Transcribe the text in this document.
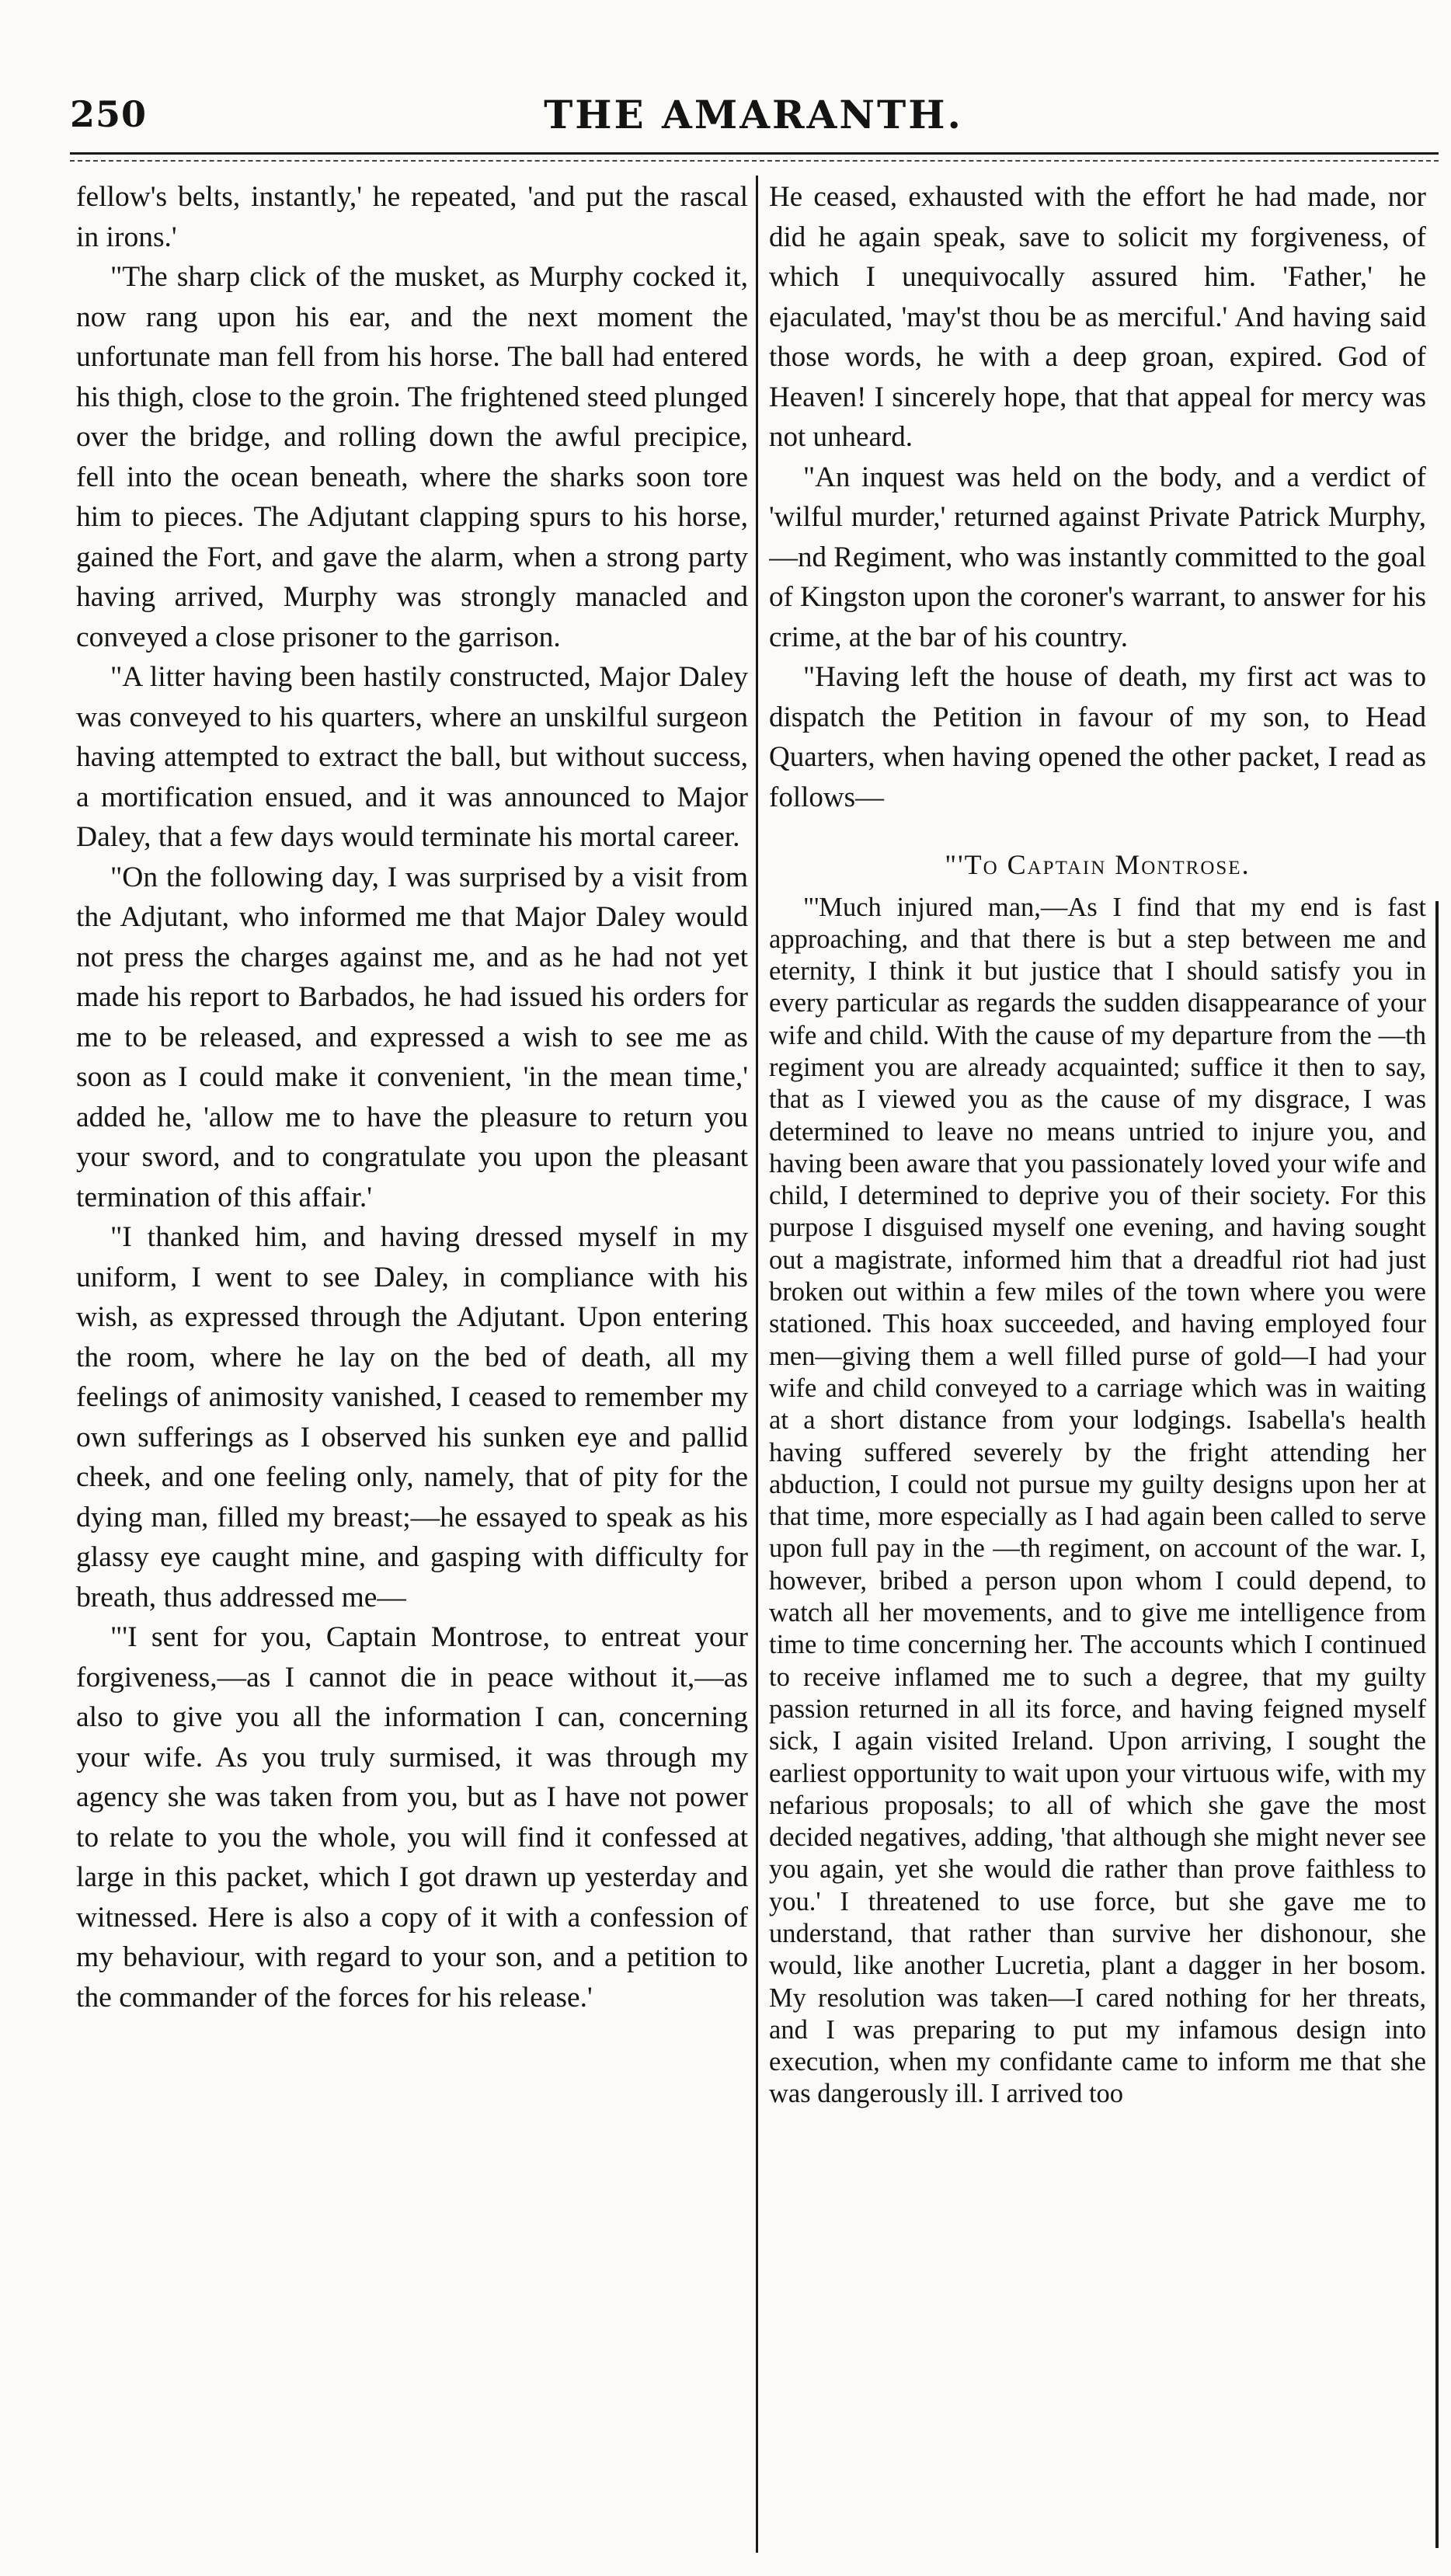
250	THE AMARANTH.

fellow's belts, instantly,' he repeated, 'and put the rascal in irons.'

"The sharp click of the musket, as Murphy cocked it, now rang upon his ear, and the next moment the unfortunate man fell from his horse. The ball had entered his thigh, close to the groin. The frightened steed plunged over the bridge, and rolling down the awful precipice, fell into the ocean beneath, where the sharks soon tore him to pieces. The Adjutant clapping spurs to his horse, gained the Fort, and gave the alarm, when a strong party having arrived, Murphy was strongly manacled and conveyed a close prisoner to the garrison.

"A litter having been hastily constructed, Major Daley was conveyed to his quarters, where an unskilful surgeon having attempted to extract the ball, but without success, a mortification ensued, and it was announced to Major Daley, that a few days would terminate his mortal career.

"On the following day, I was surprised by a visit from the Adjutant, who informed me that Major Daley would not press the charges against me, and as he had not yet made his report to Barbados, he had issued his orders for me to be released, and expressed a wish to see me as soon as I could make it convenient, 'in the mean time,' added he, 'allow me to have the pleasure to return you your sword, and to congratulate you upon the pleasant termination of this affair.'

"I thanked him, and having dressed myself in my uniform, I went to see Daley, in compliance with his wish, as expressed through the Adjutant. Upon entering the room, where he lay on the bed of death, all my feelings of animosity vanished, I ceased to remember my own sufferings as I observed his sunken eye and pallid cheek, and one feeling only, namely, that of pity for the dying man, filled my breast;—he essayed to speak as his glassy eye caught mine, and gasping with difficulty for breath, thus addressed me—

"'I sent for you, Captain Montrose, to entreat your forgiveness,—as I cannot die in peace without it,—as also to give you all the information I can, concerning your wife. As you truly surmised, it was through my agency she was taken from you, but as I have not power to relate to you the whole, you will find it confessed at large in this packet, which I got drawn up yesterday and witnessed. Here is also a copy of it with a confession of my behaviour, with regard to your son, and a petition to the commander of the forces for his release.'

He ceased, exhausted with the effort he had made, nor did he again speak, save to solicit my forgiveness, of which I unequivocally assured him. 'Father,' he ejaculated, 'may'st thou be as merciful.' And having said those words, he with a deep groan, expired. God of Heaven! I sincerely hope, that that appeal for mercy was not unheard.

"An inquest was held on the body, and a verdict of 'wilful murder,' returned against Private Patrick Murphy, —nd Regiment, who was instantly committed to the goal of Kingston upon the coroner's warrant, to answer for his crime, at the bar of his country.

"Having left the house of death, my first act was to dispatch the Petition in favour of my son, to Head Quarters, when having opened the other packet, I read as follows—

"'To Captain Montrose.

"'Much injured man,—As I find that my end is fast approaching, and that there is but a step between me and eternity, I think it but justice that I should satisfy you in every particular as regards the sudden disappearance of your wife and child. With the cause of my departure from the —th regiment you are already acquainted; suffice it then to say, that as I viewed you as the cause of my disgrace, I was determined to leave no means untried to injure you, and having been aware that you passionately loved your wife and child, I determined to deprive you of their society. For this purpose I disguised myself one evening, and having sought out a magistrate, informed him that a dreadful riot had just broken out within a few miles of the town where you were stationed. This hoax succeeded, and having employed four men—giving them a well filled purse of gold—I had your wife and child conveyed to a carriage which was in waiting at a short distance from your lodgings. Isabella's health having suffered severely by the fright attending her abduction, I could not pursue my guilty designs upon her at that time, more especially as I had again been called to serve upon full pay in the —th regiment, on account of the war. I, however, bribed a person upon whom I could depend, to watch all her movements, and to give me intelligence from time to time concerning her. The accounts which I continued to receive inflamed me to such a degree, that my guilty passion returned in all its force, and having feigned myself sick, I again visited Ireland. Upon arriving, I sought the earliest opportunity to wait upon your virtuous wife, with my nefarious proposals; to all of which she gave the most decided negatives, adding, 'that although she might never see you again, yet she would die rather than prove faithless to you.' I threatened to use force, but she gave me to understand, that rather than survive her dishonour, she would, like another Lucretia, plant a dagger in her bosom. My resolution was taken—I cared nothing for her threats, and I was preparing to put my infamous design into execution, when my confidante came to inform me that she was dangerously ill. I arrived too
